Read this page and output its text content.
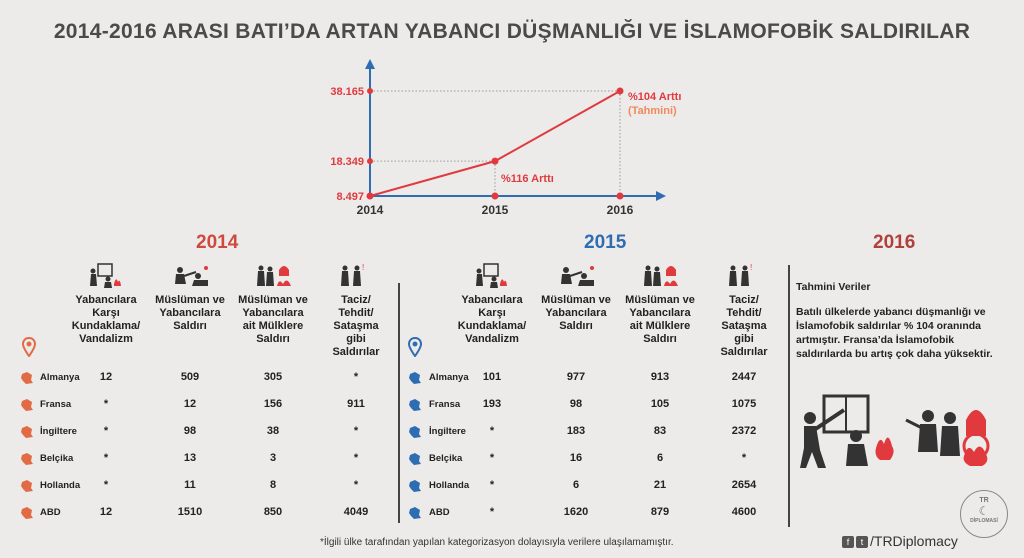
2014-2016 ARASI BATI’DA ARTAN YABANCI DÜŞMANLIĞI VE İSLAMOFOBİK SALDIRILAR
8.497
2014
18.349
2015
38.165
2016
%116 Arttı
%104 Arttı
(Tahmini)
2014	2015	2016
Yabancılara
Karşı
Kundaklama/
Vandalizm
Müslüman ve
Yabancılara
Saldırı
Müslüman ve
Yabancılara
ait Mülklere
Saldırı
!
Taciz/
Tehdit/
Sataşma
gibi
Saldırılar
Almanya	12	509	305	*
Fransa	*	12	156	911
İngiltere	*	98	38	*
Belçika	*	13	3	*
Hollanda	*	11	8	*
ABD	12	1510	850	4049
Yabancılara
Karşı
Kundaklama/
Vandalizm
Müslüman ve
Yabancılara
Saldırı
Müslüman ve
Yabancılara
ait Mülklere
Saldırı
!
Taciz/
Tehdit/
Sataşma
gibi
Saldırılar
Almanya	101	977	913	2447
Fransa	193	98	105	1075
İngiltere	*	183	83	2372
Belçika	*	16	6	*
Hollanda	*	6	21	2654
ABD	*	1620	879	4600
Tahmini Veriler
Batılı ülkelerde yabancı düşmanlığı ve
İslamofobik saldırılar % 104 oranında
artmıştır. Fransa’da İslamofobik
saldırılarda bu artış çok daha yüksektir.
*İlgili ülke tarafından yapılan kategorizasyon dolayısıyla verilere ulaşılamamıştır.	f t /TRDiplomacy
TR
☾
DİPLOMASİ
